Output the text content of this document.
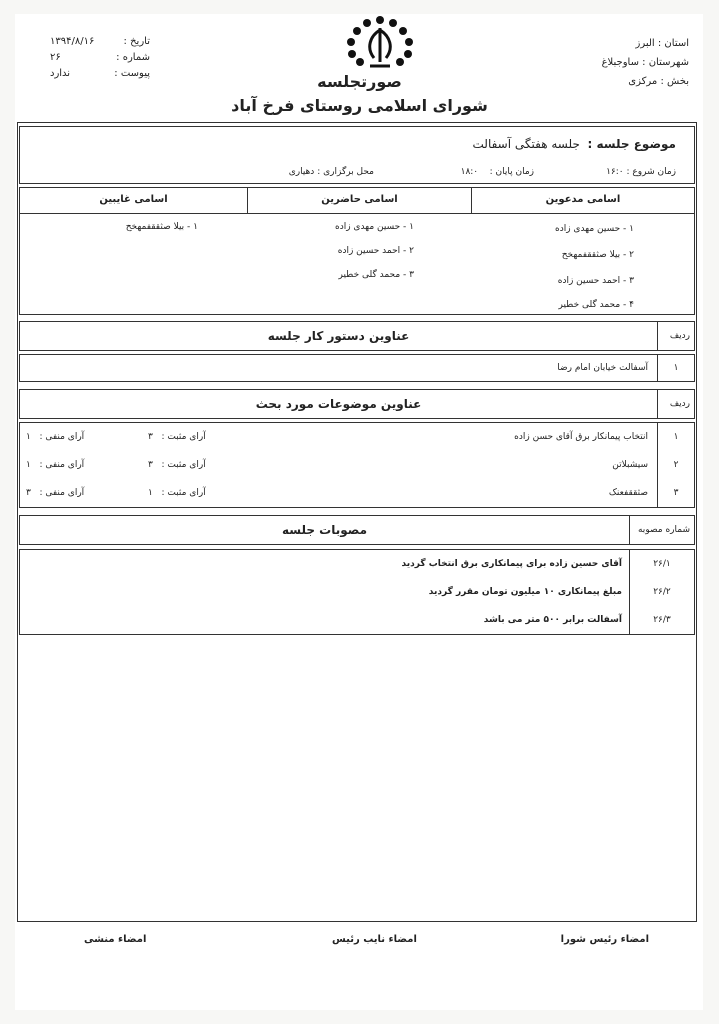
استان : البرز
شهرستان : ساوجبلاغ
بخش : مرکزی
تاریخ :
۱۳۹۴/۸/۱۶
شماره :
۲۶
پیوست :
ندارد	صورتجلسه
شورای اسلامی روستای فرخ آباد
موضوع جلسه :  جلسه هفتگی آسفالت
زمان شروع : ۱۶:۰
زمان پایان :    ۱۸:۰
محل برگزاری : دهیاری
اسامی مدعوین
اسامی حاضرین
اسامی غایبین
۱ - حسین مهدی زاده
۲ - بیلا صثققفمهخح
۳ - احمد حسین زاده
۴ - محمد گلی خطیر
۱ - حسین مهدی زاده
۲ - احمد حسین زاده
۳ - محمد گلی خطیر
۱ - بیلا صثققفمهخح
ردیف
عناوین دستور کار جلسه
۱
آسفالت خیابان امام رضا
ردیف
عناوین موضوعات مورد بحث
۱
انتخاب پیمانکار برق آقای حسن زاده
آرای مثبت :   ۳
آرای منفی :   ۱
۲
سیشبلاتن
آرای مثبت :   ۳
آرای منفی :   ۱
۳
صثققفعنک
آرای مثبت :   ۱
آرای منفی :   ۳
شماره مصوبه
مصوبات جلسه
۲۶/۱
آقای حسین زاده برای پیمانکاری برق انتخاب گردید
۲۶/۲
مبلغ پیمانکاری ۱۰ میلیون تومان مقرر گردید
۲۶/۳
آسفالت برابر ۵۰۰ متر می باشد
امضاء رئیس شورا
امضاء نایب رئیس
امضاء منشی
